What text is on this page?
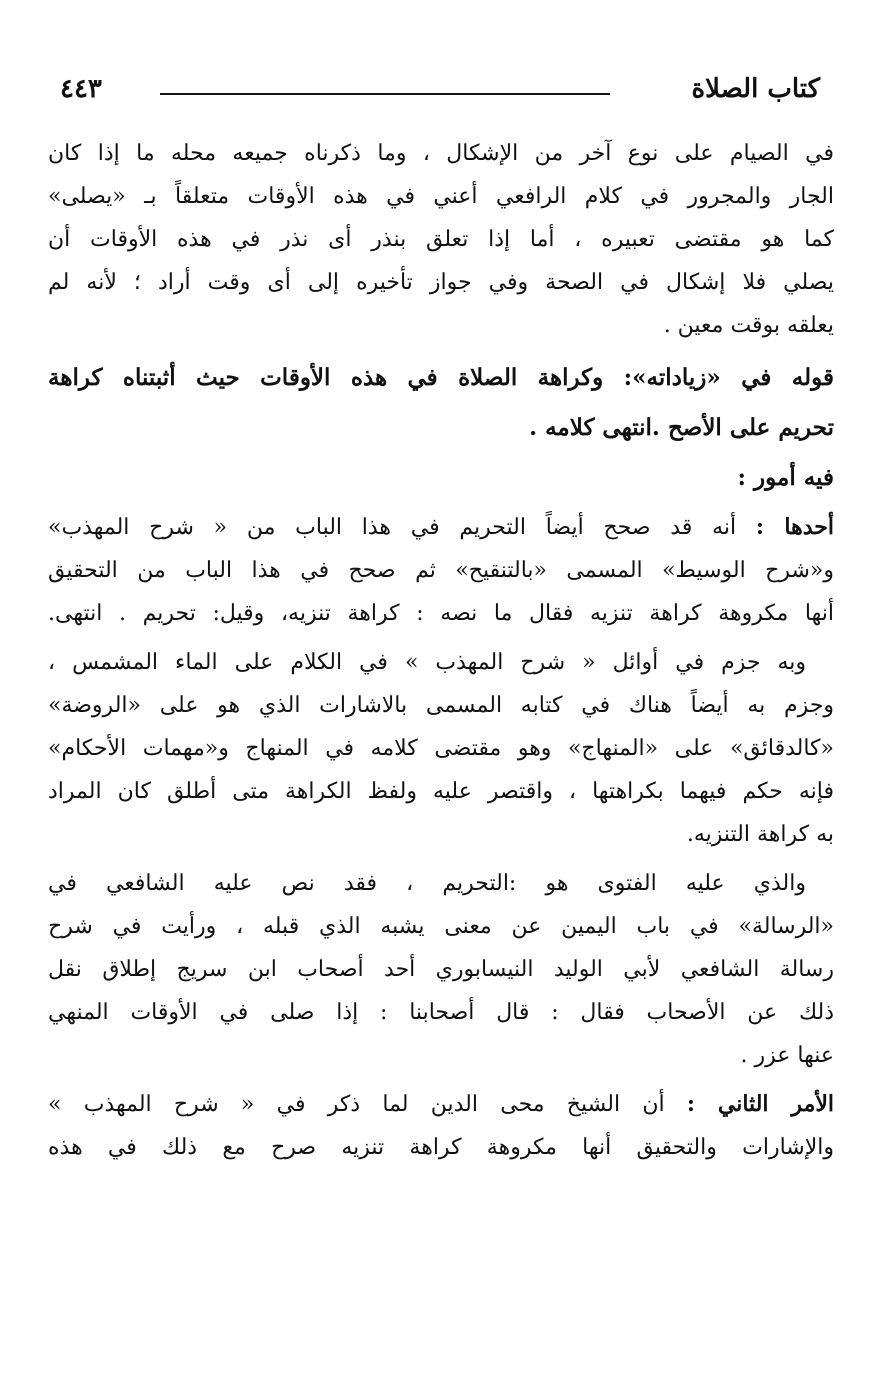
كتاب الصلاة
٤٤٣
في الصيام على نوع آخر من الإشكال ، وما ذكرناه جميعه محله ما إذا كان
الجار والمجرور في كلام الرافعي أعني في هذه الأوقات متعلقاً بـ «يصلى»
كما هو مقتضى تعبيره ، أما إذا تعلق بنذر أى نذر في هذه الأوقات أن
يصلي فلا إشكال في الصحة وفي جواز تأخيره إلى أى وقت أراد ؛ لأنه لم
يعلقه بوقت معين .
قوله في «زياداته»: وكراهة الصلاة في هذه الأوقات حيث أثبتناه كراهة
تحريم على الأصح .انتهى كلامه .
فيه أمور :
أحدها : أنه قد صحح أيضاً التحريم في هذا الباب من « شرح المهذب»
و«شرح الوسيط» المسمى «بالتنقيح» ثم صحح في هذا الباب من التحقيق
أنها مكروهة كراهة تنزيه فقال ما نصه : كراهة تنزيه، وقيل: تحريم . انتهى.
وبه جزم في أوائل « شرح المهذب » في الكلام على الماء المشمس ،
وجزم به أيضاً هناك في كتابه المسمى بالاشارات الذي هو على «الروضة»
«كالدقائق» على «المنهاج» وهو مقتضى كلامه في المنهاج و«مهمات الأحكام»
فإنه حكم فيهما بكراهتها ، واقتصر عليه ولفظ الكراهة متى أطلق كان المراد
به كراهة التنزيه.
والذي عليه الفتوى هو :التحريم ، فقد نص عليه الشافعي في
«الرسالة» في باب اليمين عن معنى يشبه الذي قبله ، ورأيت في شرح
رسالة الشافعي لأبي الوليد النيسابوري أحد أصحاب ابن سريج إطلاق نقل
ذلك عن الأصحاب فقال : قال أصحابنا : إذا صلى في الأوقات المنهي
عنها عزر .
الأمر الثاني : أن الشيخ محى الدين لما ذكر في « شرح المهذب »
والإشارات والتحقيق أنها مكروهة كراهة تنزيه صرح مع ذلك في هذه
